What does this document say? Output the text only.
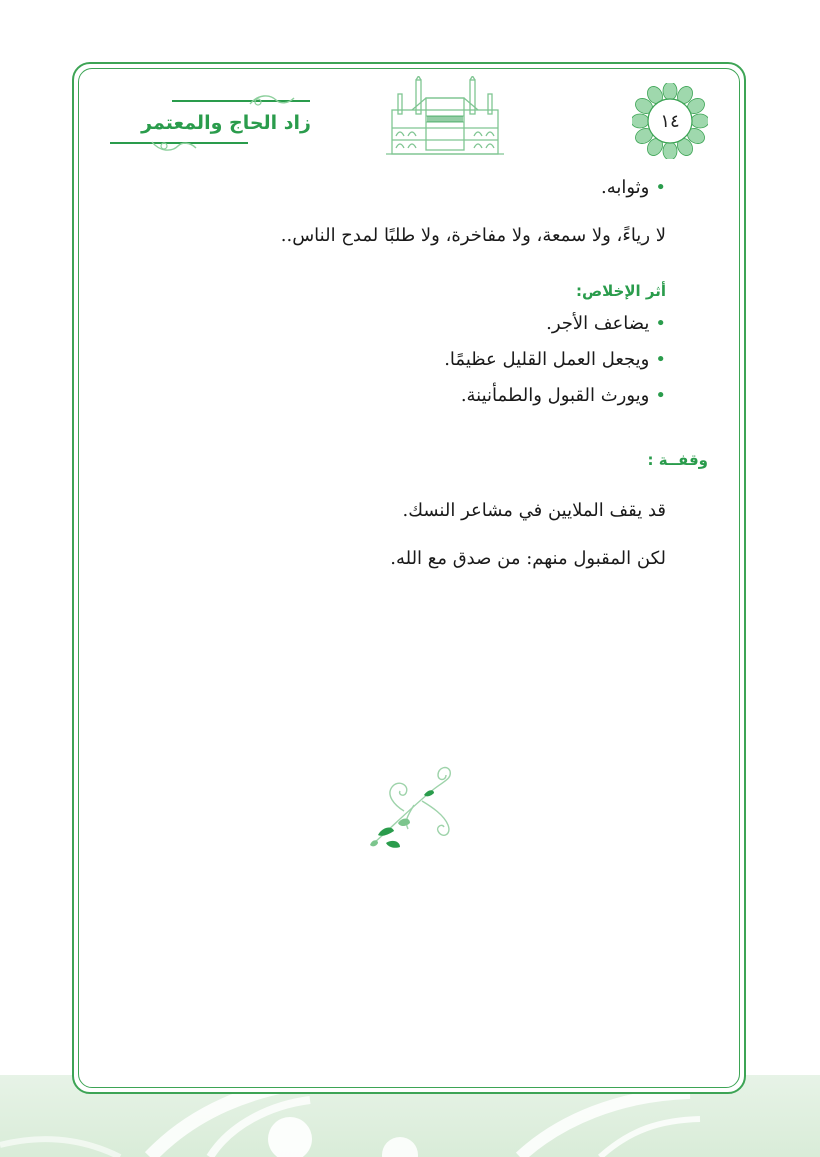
زاد الحاج والمعتمر	١٤
•وثوابه.
لا رياءً، ولا سمعة، ولا مفاخرة، ولا طلبًا لمدح الناس..
أثر الإخلاص:
•يضاعف الأجر.
•ويجعل العمل القليل عظيمًا.
•ويورث القبول والطمأنينة.
وقفــة :
قد يقف الملايين في مشاعر النسك.
لكن المقبول منهم: من صدق مع الله.
